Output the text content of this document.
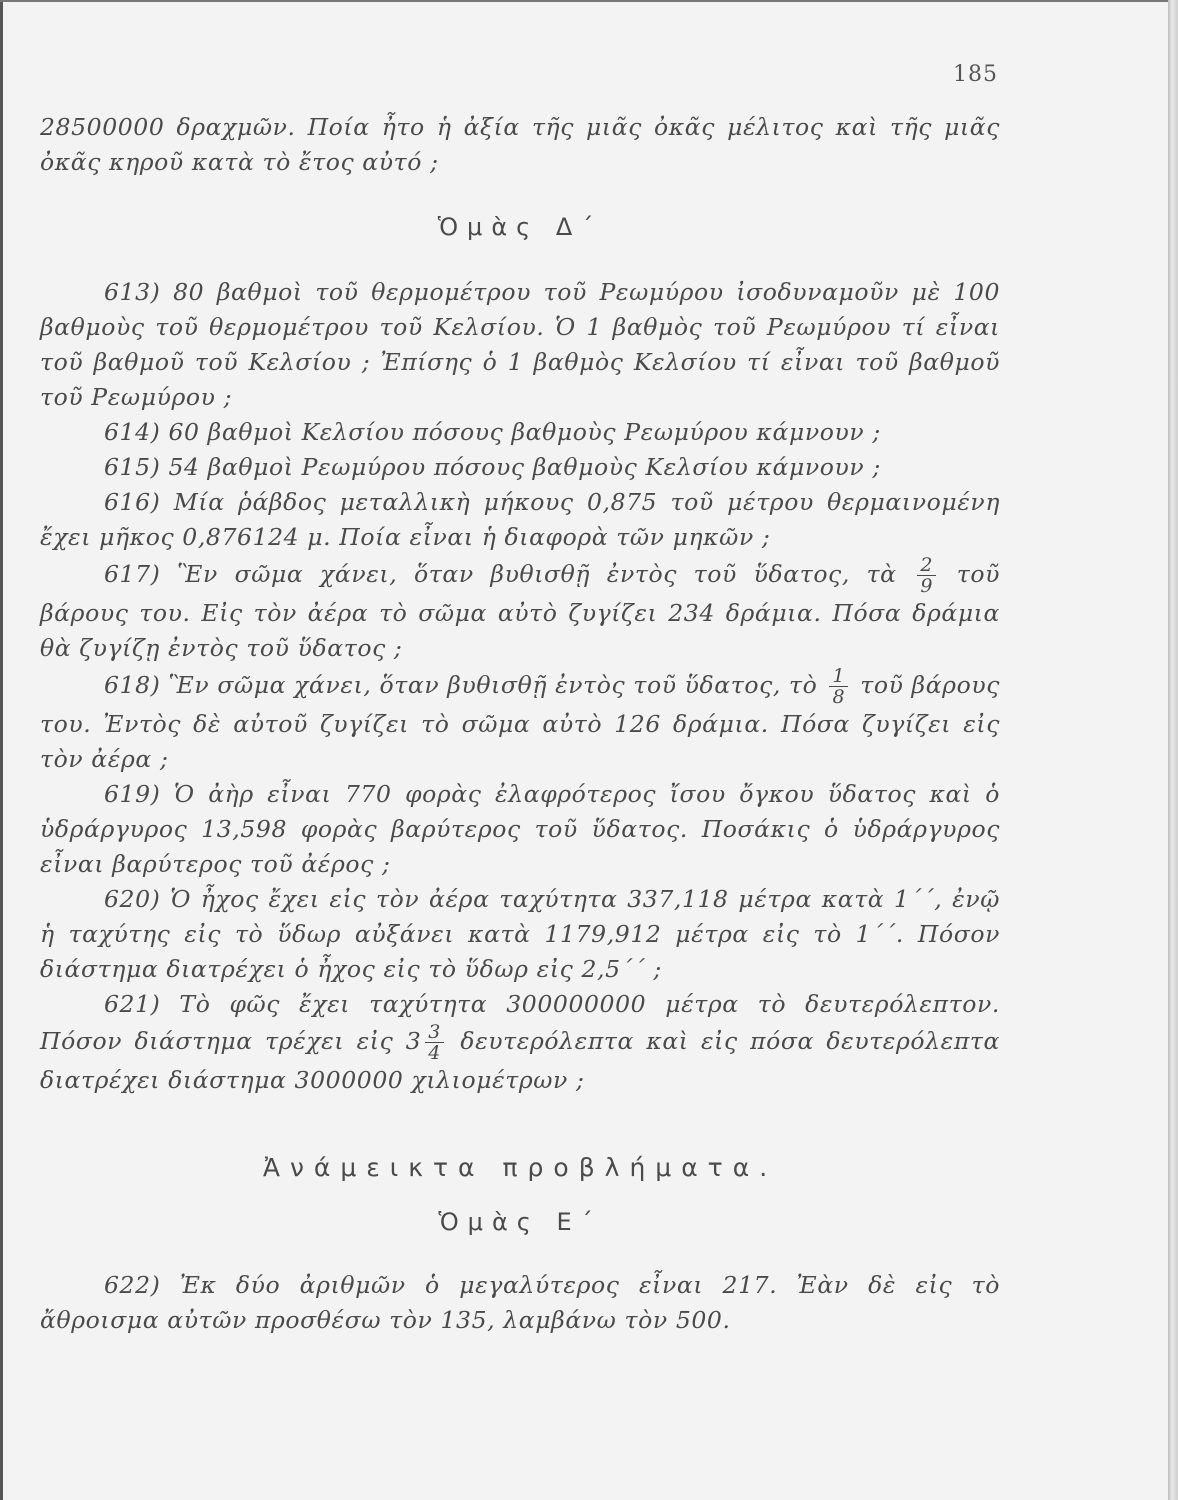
185

28500000 δραχμῶν. Ποία ἦτο ἡ ἀξία τῆς μιᾶς ὀκᾶς μέλιτος καὶ τῆς μιᾶς ὀκᾶς κηροῦ κατὰ τὸ ἔτος αὐτό ;

Ὁμὰς Δ΄

613) 80 βαθμοὶ τοῦ θερμομέτρου τοῦ Ρεωμύρου ἰσοδυναμοῦν μὲ 100 βαθμοὺς τοῦ θερμομέτρου τοῦ Κελσίου. Ὁ 1 βαθμὸς τοῦ Ρεωμύρου τί εἶναι τοῦ βαθμοῦ τοῦ Κελσίου ; Ἐπίσης ὁ 1 βαθμὸς Κελσίου τί εἶναι τοῦ βαθμοῦ τοῦ Ρεωμύρου ;

614) 60 βαθμοὶ Κελσίου πόσους βαθμοὺς Ρεωμύρου κάμνουν ;

615) 54 βαθμοὶ Ρεωμύρου πόσους βαθμοὺς Κελσίου κάμνουν ;

616) Μία ῥάβδος μεταλλικὴ μήκους 0,875 τοῦ μέτρου θερμαινομένη ἔχει μῆκος 0,876124 μ. Ποία εἶναι ἡ διαφορὰ τῶν μηκῶν ;

617) Ἓν σῶμα χάνει, ὅταν βυθισθῇ ἐντὸς τοῦ ὕδατος, τὰ $\frac{2}{9}$ τοῦ βάρους του. Εἰς τὸν ἀέρα τὸ σῶμα αὐτὸ ζυγίζει 234 δράμια. Πόσα δράμια θὰ ζυγίζῃ ἐντὸς τοῦ ὕδατος ;

618) Ἓν σῶμα χάνει, ὅταν βυθισθῇ ἐντὸς τοῦ ὕδατος, τὸ $\frac{1}{8}$ τοῦ βάρους του. Ἐντὸς δὲ αὐτοῦ ζυγίζει τὸ σῶμα αὐτὸ 126 δράμια. Πόσα ζυγίζει εἰς τὸν ἀέρα ;

619) Ὁ ἀὴρ εἶναι 770 φορὰς ἐλαφρότερος ἴσου ὄγκου ὕδατος καὶ ὁ ὑδράργυρος 13,598 φορὰς βαρύτερος τοῦ ὕδατος. Ποσάκις ὁ ὑδράργυρος εἶναι βαρύτερος τοῦ ἀέρος ;

620) Ὁ ἦχος ἔχει εἰς τὸν ἀέρα ταχύτητα 337,118 μέτρα κατὰ 1΄΄, ἐνῷ ἡ ταχύτης εἰς τὸ ὕδωρ αὐξάνει κατὰ 1179,912 μέτρα εἰς τὸ 1΄΄. Πόσον διάστημα διατρέχει ὁ ἦχος εἰς τὸ ὕδωρ εἰς 2,5΄΄ ;

621) Τὸ φῶς ἔχει ταχύτητα 300000000 μέτρα τὸ δευτερόλεπτον. Πόσον διάστημα τρέχει εἰς $3 \frac{3}{4}$ δευτερόλεπτα καὶ εἰς πόσα δευτερόλεπτα διατρέχει διάστημα 3000000 χιλιομέτρων ;

Ἀνάμεικτα προβλήματα.
Ὁμὰς Ε΄

622) Ἐκ δύο ἀριθμῶν ὁ μεγαλύτερος εἶναι 217. Ἐὰν δὲ εἰς τὸ ἄθροισμα αὐτῶν προσθέσω τὸν 135, λαμβάνω τὸν 500.
